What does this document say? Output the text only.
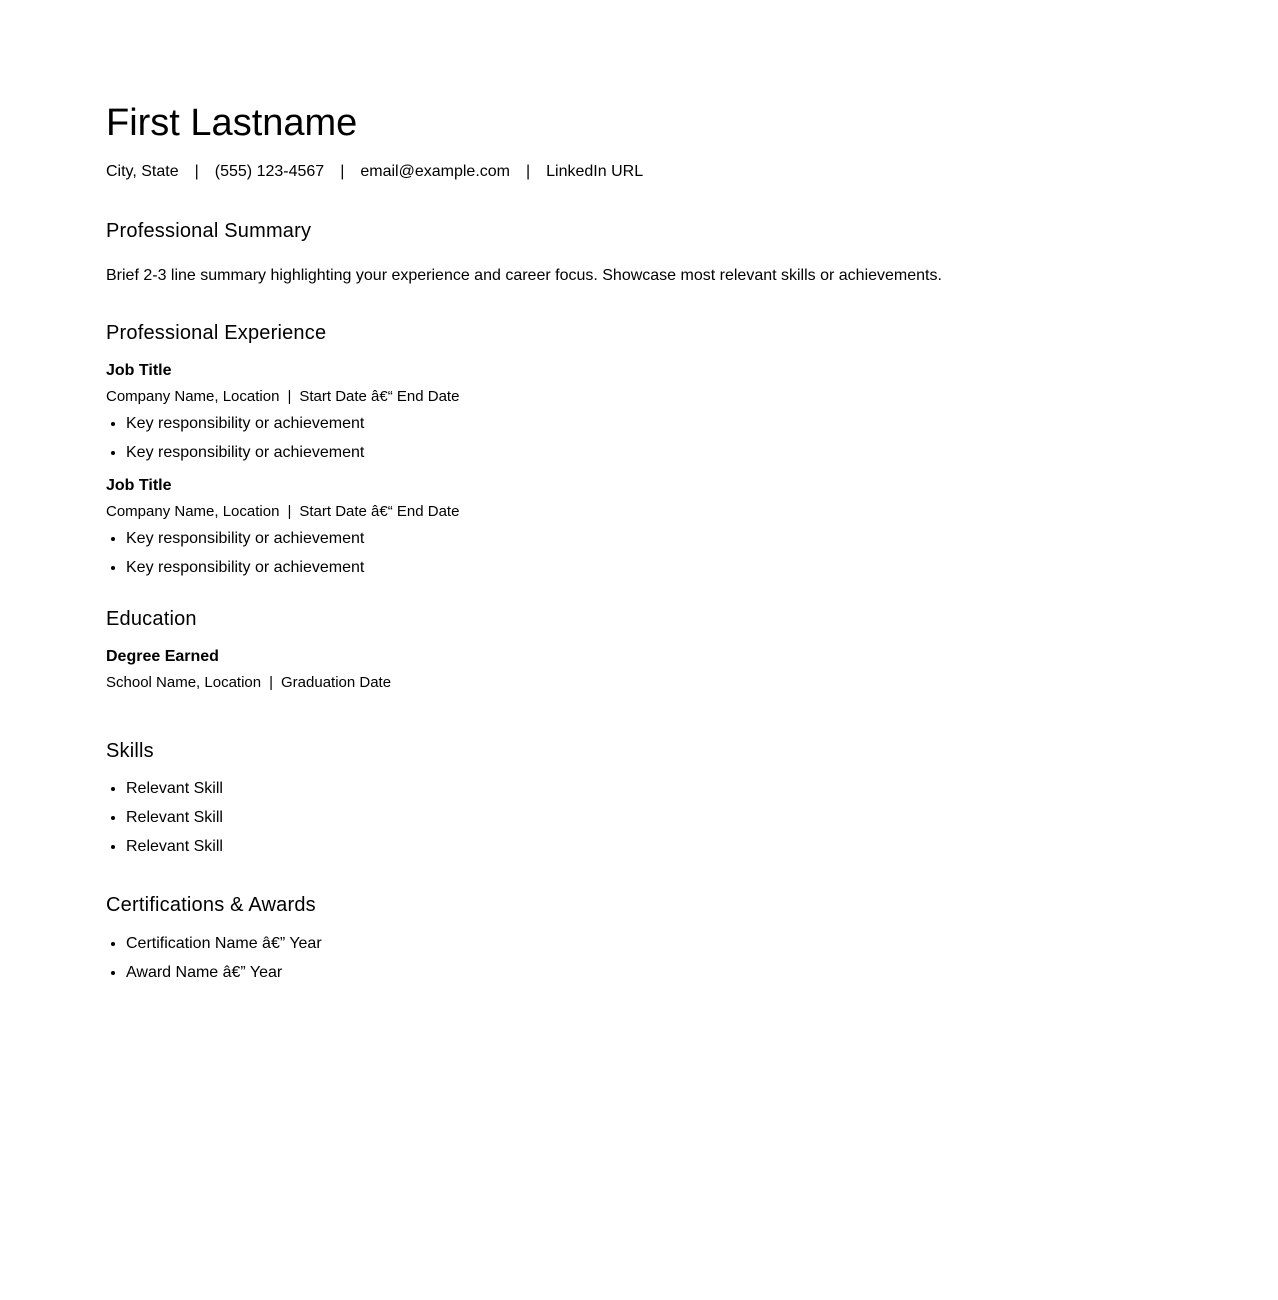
First Lastname
City, State | (555) 123-4567 | email@example.com | LinkedIn URL
Professional Summary
Brief 2-3 line summary highlighting your experience and career focus. Showcase most relevant skills or achievements.
Professional Experience
Job Title
Company Name, Location | Start Date â€“ End Date
• Key responsibility or achievement
• Key responsibility or achievement
Job Title
Company Name, Location | Start Date â€“ End Date
• Key responsibility or achievement
• Key responsibility or achievement
Education
Degree Earned
School Name, Location | Graduation Date
Skills
• Relevant Skill
• Relevant Skill
• Relevant Skill
Certifications & Awards
• Certification Name â€” Year
• Award Name â€” Year
